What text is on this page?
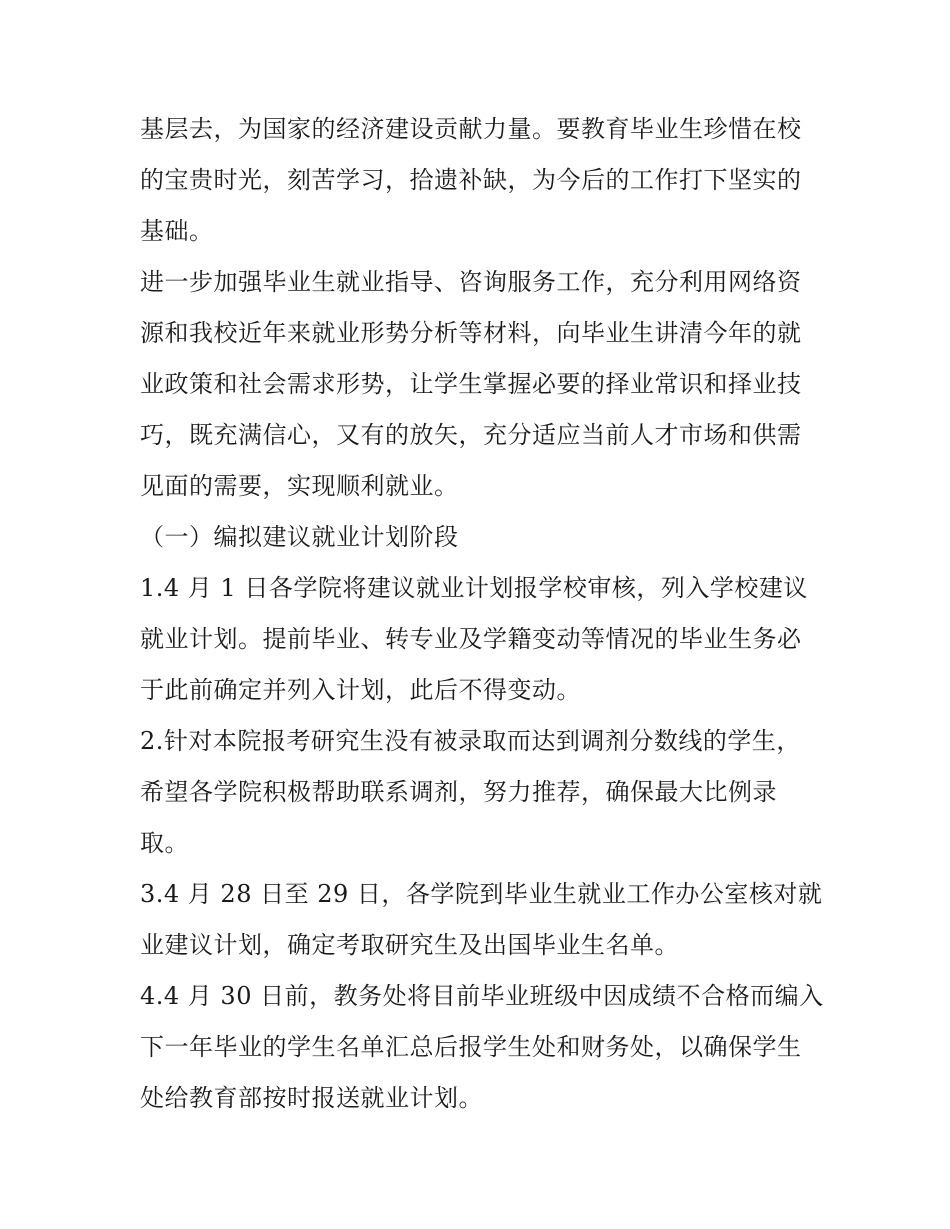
基层去，为国家的经济建设贡献力量。要教育毕业生珍惜在校
的宝贵时光，刻苦学习，拾遗补缺，为今后的工作打下坚实的
基础。
进一步加强毕业生就业指导、咨询服务工作，充分利用网络资
源和我校近年来就业形势分析等材料，向毕业生讲清今年的就
业政策和社会需求形势，让学生掌握必要的择业常识和择业技
巧，既充满信心，又有的放矢，充分适应当前人才市场和供需
见面的需要，实现顺利就业。
（一）编拟建议就业计划阶段
1.4 月 1 日各学院将建议就业计划报学校审核，列入学校建议
就业计划。提前毕业、转专业及学籍变动等情况的毕业生务必
于此前确定并列入计划，此后不得变动。
2.针对本院报考研究生没有被录取而达到调剂分数线的学生，
希望各学院积极帮助联系调剂，努力推荐，确保最大比例录
取。
3.4 月 28 日至 29 日，各学院到毕业生就业工作办公室核对就
业建议计划，确定考取研究生及出国毕业生名单。
4.4 月 30 日前，教务处将目前毕业班级中因成绩不合格而编入
下一年毕业的学生名单汇总后报学生处和财务处，以确保学生
处给教育部按时报送就业计划。
